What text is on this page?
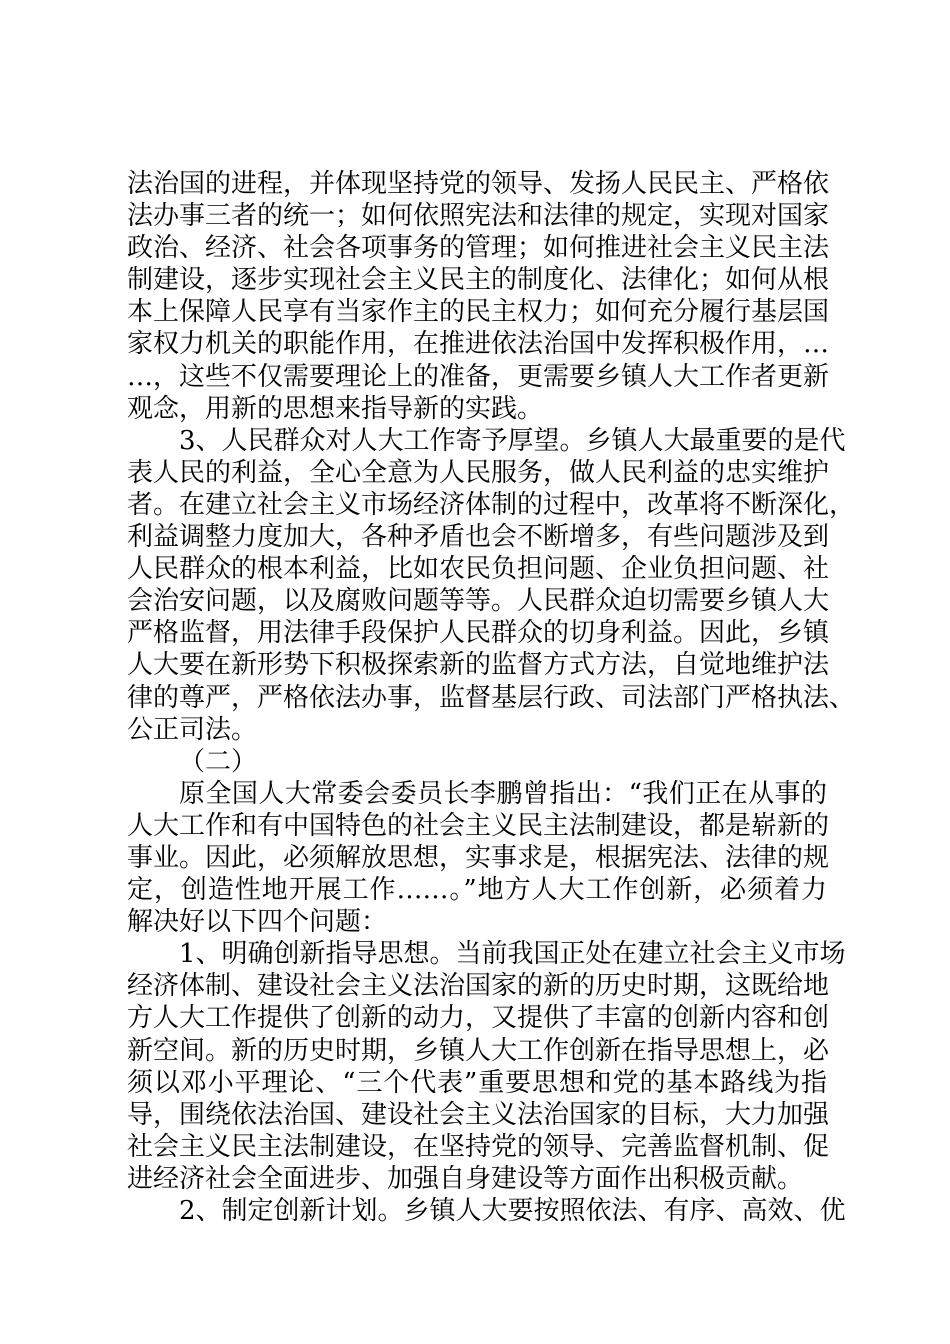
法治国的进程，并体现坚持党的领导、发扬人民民主、严格依
法办事三者的统一；如何依照宪法和法律的规定，实现对国家
政治、经济、社会各项事务的管理；如何推进社会主义民主法
制建设，逐步实现社会主义民主的制度化、法律化；如何从根
本上保障人民享有当家作主的民主权力；如何充分履行基层国
家权力机关的职能作用，在推进依法治国中发挥积极作用，…
…，这些不仅需要理论上的准备，更需要乡镇人大工作者更新
观念，用新的思想来指导新的实践。
3、人民群众对人大工作寄予厚望。乡镇人大最重要的是代
表人民的利益，全心全意为人民服务，做人民利益的忠实维护
者。在建立社会主义市场经济体制的过程中，改革将不断深化，
利益调整力度加大，各种矛盾也会不断增多，有些问题涉及到
人民群众的根本利益，比如农民负担问题、企业负担问题、社
会治安问题，以及腐败问题等等。人民群众迫切需要乡镇人大
严格监督，用法律手段保护人民群众的切身利益。因此，乡镇
人大要在新形势下积极探索新的监督方式方法，自觉地维护法
律的尊严，严格依法办事，监督基层行政、司法部门严格执法、
公正司法。
（二）
原全国人大常委会委员长李鹏曾指出：“我们正在从事的
人大工作和有中国特色的社会主义民主法制建设，都是崭新的
事业。因此，必须解放思想，实事求是，根据宪法、法律的规
定，创造性地开展工作……。”地方人大工作创新，必须着力
解决好以下四个问题：
1、明确创新指导思想。当前我国正处在建立社会主义市场
经济体制、建设社会主义法治国家的新的历史时期，这既给地
方人大工作提供了创新的动力，又提供了丰富的创新内容和创
新空间。新的历史时期，乡镇人大工作创新在指导思想上，必
须以邓小平理论、“三个代表”重要思想和党的基本路线为指
导，围绕依法治国、建设社会主义法治国家的目标，大力加强
社会主义民主法制建设，在坚持党的领导、完善监督机制、促
进经济社会全面进步、加强自身建设等方面作出积极贡献。
2、制定创新计划。乡镇人大要按照依法、有序、高效、优
